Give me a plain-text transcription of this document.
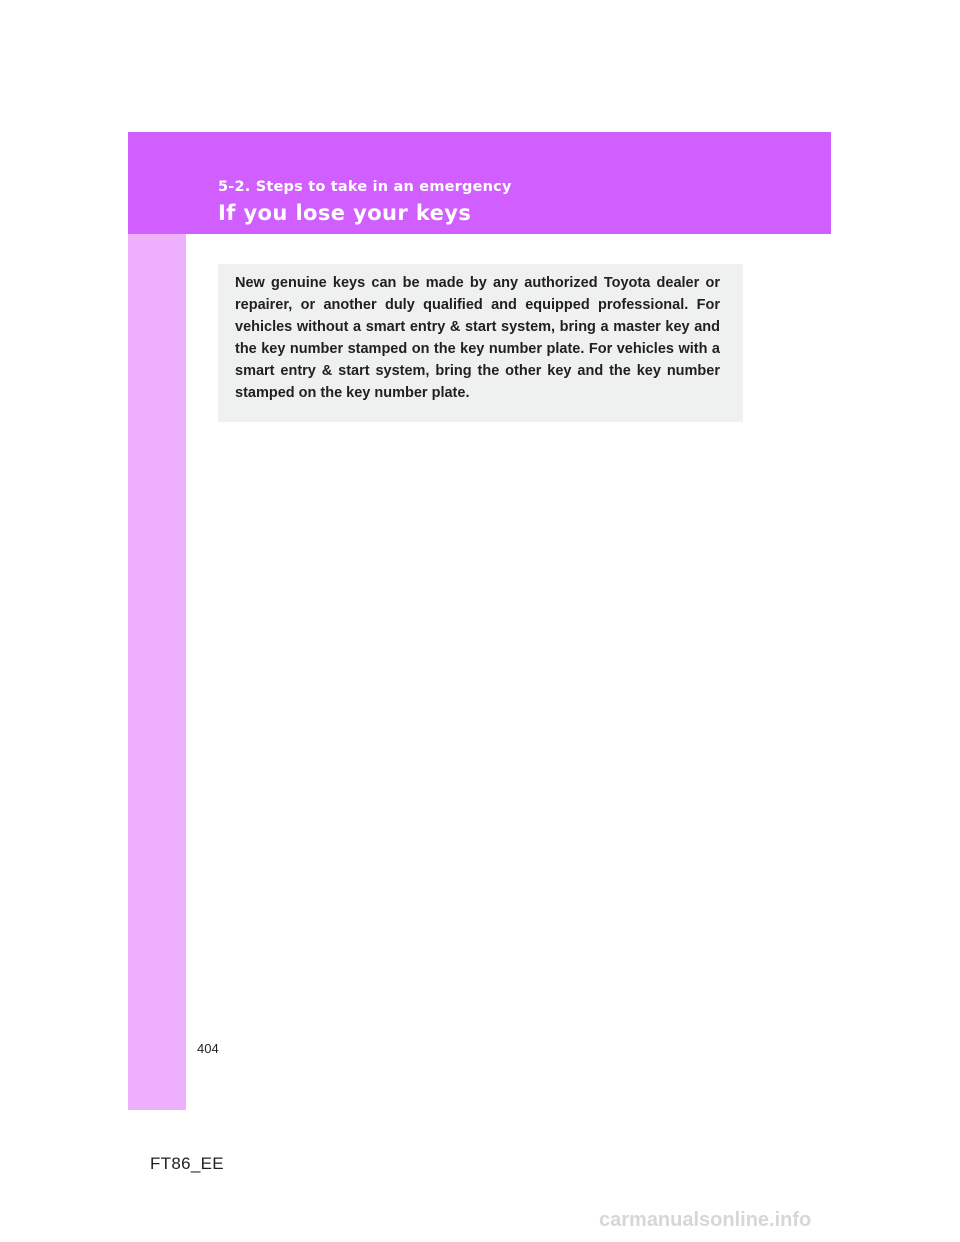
5-2. Steps to take in an emergency
If you lose your keys

New genuine keys can be made by any authorized Toyota dealer or repairer, or another duly qualified and equipped professional. For vehicles without a smart entry & start system, bring a master key and the key number stamped on the key number plate. For vehicles with a smart entry & start system, bring the other key and the key number stamped on the key number plate.

404
FT86_EE
carmanualsonline.info
